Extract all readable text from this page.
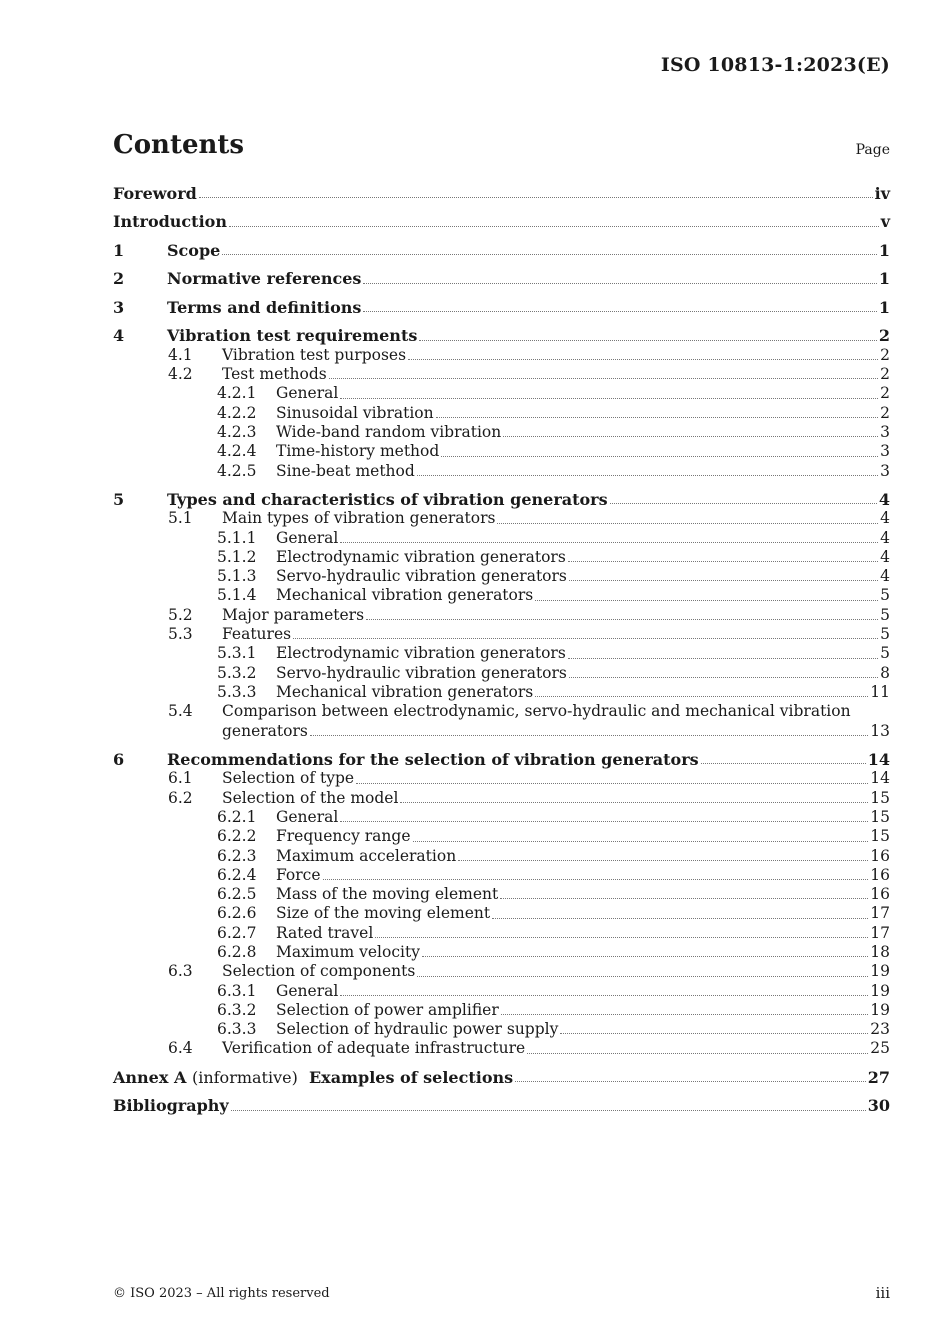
ISO 10813-1:2023(E)
Contents	Page
Foreword	iv
Introduction	v
1	Scope	1
2	Normative references	1
3	Terms and definitions	1
4	Vibration test requirements	2
4.1 Vibration test purposes	2
4.2 Test methods	2
4.2.1 General	2
4.2.2 Sinusoidal vibration	2
4.2.3 Wide-band random vibration	3
4.2.4 Time-history method	3
4.2.5 Sine-beat method	3
5	Types and characteristics of vibration generators	4
5.1 Main types of vibration generators	4
5.1.1 General	4
5.1.2 Electrodynamic vibration generators	4
5.1.3 Servo-hydraulic vibration generators	4
5.1.4 Mechanical vibration generators	5
5.2 Major parameters	5
5.3 Features	5
5.3.1 Electrodynamic vibration generators	5
5.3.2 Servo-hydraulic vibration generators	8
5.3.3 Mechanical vibration generators	11
5.4 Comparison between electrodynamic, servo-hydraulic and mechanical vibration
generators	13
6	Recommendations for the selection of vibration generators	14
6.1 Selection of type	14
6.2 Selection of the model	15
6.2.1 General	15
6.2.2 Frequency range	15
6.2.3 Maximum acceleration	16
6.2.4 Force	16
6.2.5 Mass of the moving element	16
6.2.6 Size of the moving element	17
6.2.7 Rated travel	17
6.2.8 Maximum velocity	18
6.3 Selection of components	19
6.3.1 General	19
6.3.2 Selection of power amplifier	19
6.3.3 Selection of hydraulic power supply	23
6.4 Verification of adequate infrastructure	25
Annex A (informative) Examples of selections	27
Bibliography	30
© ISO 2023 – All rights reserved	iii
